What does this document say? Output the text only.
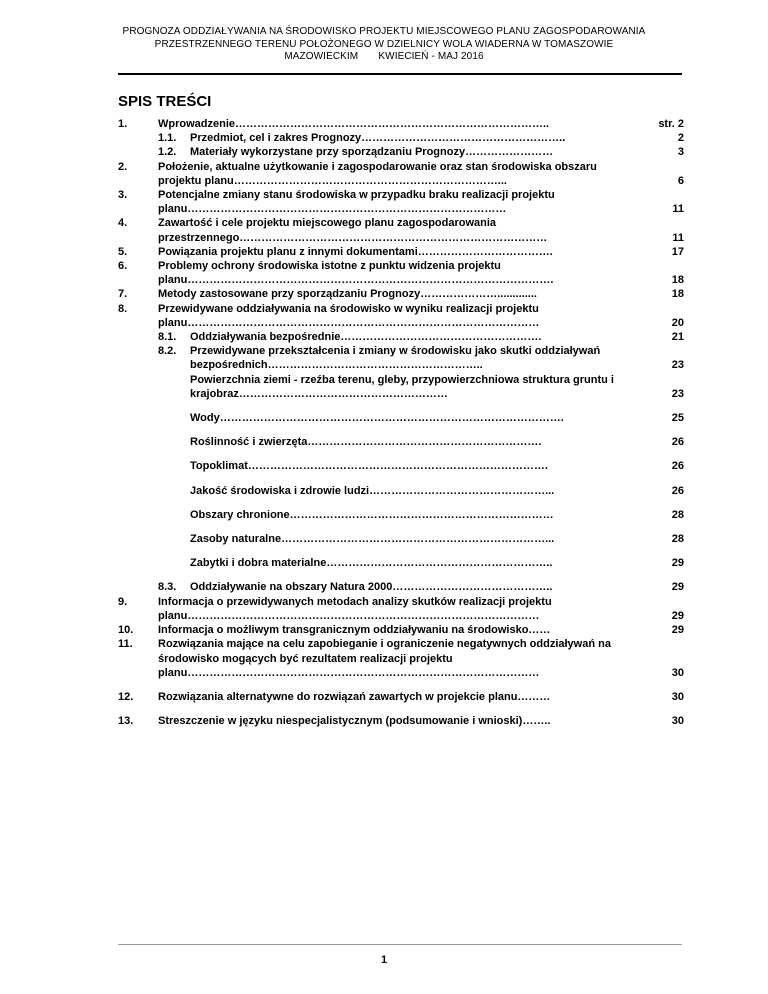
PROGNOZA ODDZIAŁYWANIA NA ŚRODOWISKO PROJEKTU MIEJSCOWEGO PLANU ZAGOSPODAROWANIA
PRZESTRZENNEGO TERENU POŁOŻONEGO W DZIELNICY WOLA WIADERNA W TOMASZOWIE
MAZOWIECKIM       KWIECIEŃ - MAJ 2016
SPIS TREŚCI
1.	Wprowadzenie…………………………………………………………………………..	str. 2
1.1.	Przedmiot, cel i zakres Prognozy………………………………………………..	2
1.2.	Materiały wykorzystane przy sporządzaniu Prognozy……………………	3
2.	Położenie, aktualne użytkowanie i zagospodarowanie oraz stan środowiska obszaru projektu planu………………………………………………………………...	6
3.	Potencjalne zmiany stanu środowiska w przypadku braku realizacji projektu planu……………………………………………………………………………	11
4.	Zawartość i cele projektu miejscowego planu zagospodarowania przestrzennego…………………………………………………………………………	11
5.	Powiązania projektu planu z innymi dokumentami……………………………….	17
6.	Problemy ochrony środowiska istotne z punktu widzenia projektu planu……………………………………………………………………………………….	18
7.	Metody zastosowane przy sporządzaniu Prognozy………………….............	18
8.	Przewidywane oddziaływania na środowisko w wyniku realizacji projektu planu……………………………………………………………………………………	20
8.1.	Oddziaływania bezpośrednie……………………………………………….	21
8.2.	Przewidywane przekształcenia i zmiany w środowisku jako skutki oddziaływań bezpośrednich…………………………………………………..	23
Powierzchnia ziemi - rzeźba terenu, gleby, przypowierzchniowa struktura gruntu i krajobraz…………………………………………………	23
Wody………………………………………………………………………………….	25
Roślinność i zwierzęta……………………………………………………….	26
Topoklimat……………………………………………………………………….	26
Jakość środowiska i zdrowie ludzi…………………………………………...	26
Obszary chronione………………………………………………………………	28
Zasoby naturalne………………………………………………………………...	28
Zabytki i dobra materialne……………………………………………………..	29
8.3.	Oddziaływanie na obszary Natura 2000……………………………………..	29
9.	Informacja o przewidywanych metodach analizy skutków realizacji projektu planu……………………………………………………………………………………	29
10.	Informacja o możliwym transgranicznym oddziaływaniu na środowisko……	29
11.	Rozwiązania mające na celu zapobieganie i ograniczenie negatywnych oddziaływań na środowisko mogących być rezultatem realizacji projektu planu……………………………………………………………………………………	30
12.	Rozwiązania alternatywne do rozwiązań zawartych w projekcie planu………	30
13.	Streszczenie w języku niespecjalistycznym (podsumowanie i wnioski)……..	30
1
